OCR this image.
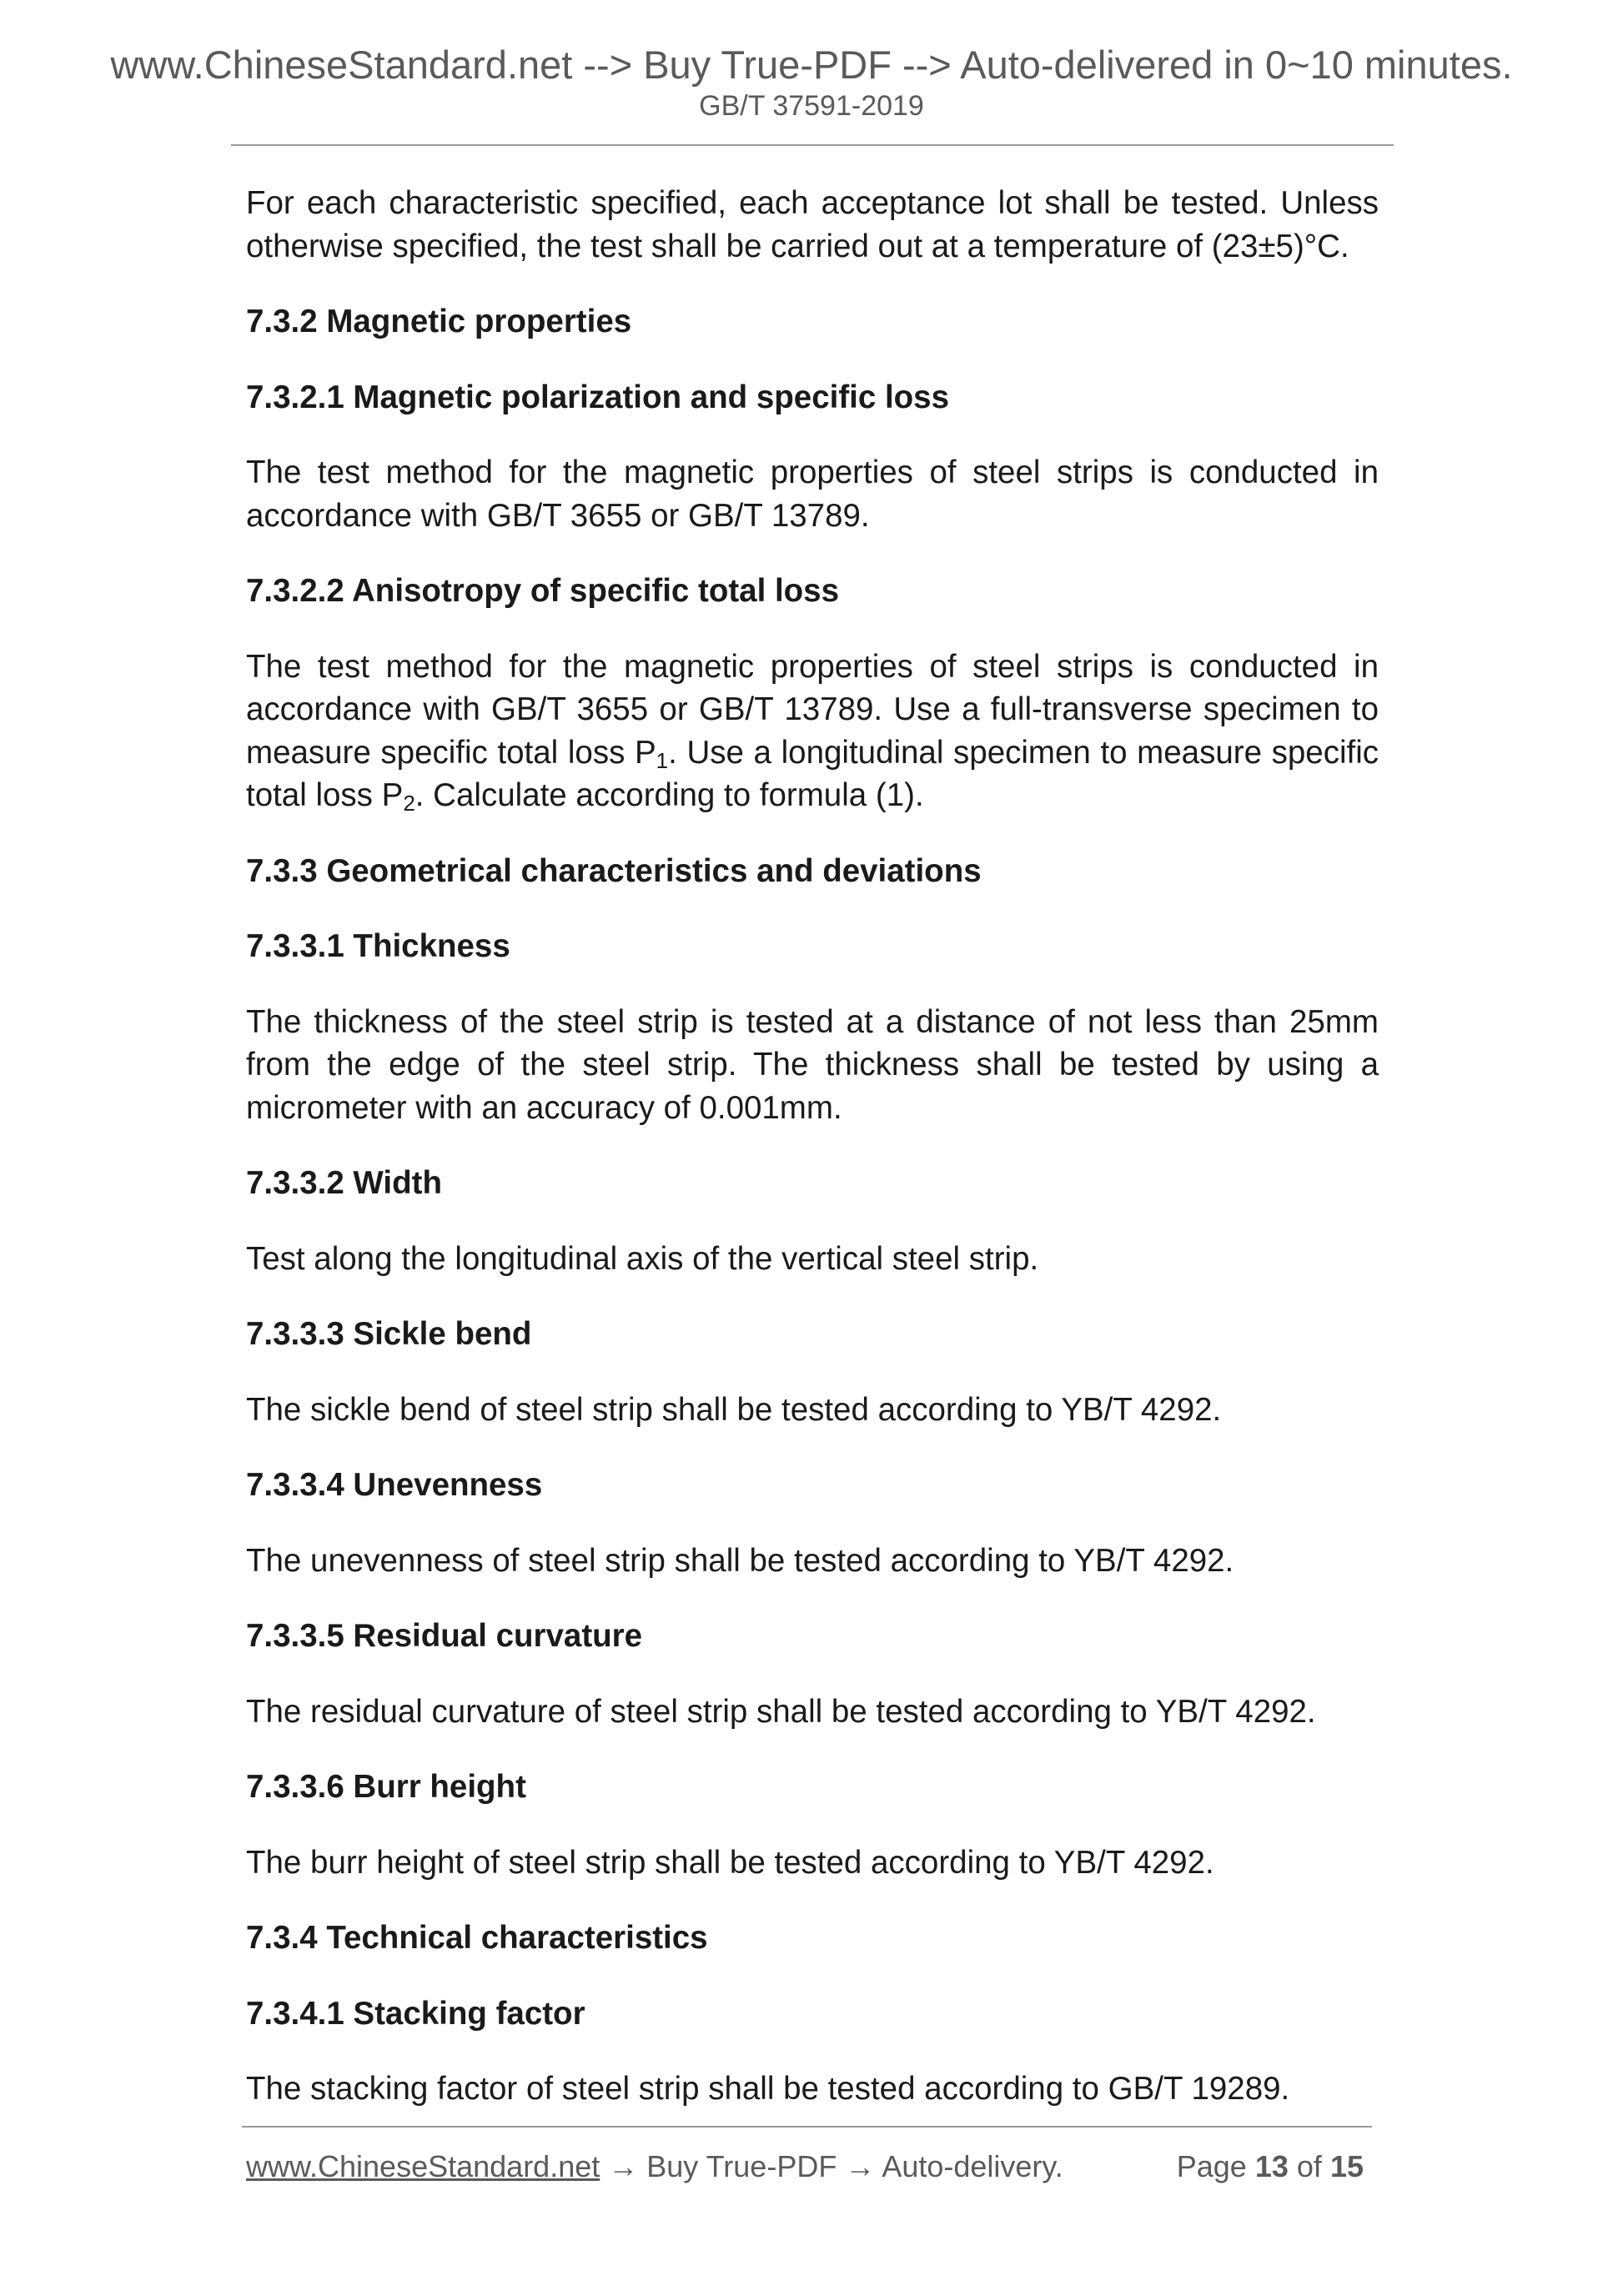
www.ChineseStandard.net --> Buy True-PDF --> Auto-delivered in 0~10 minutes.
GB/T 37591-2019

For each characteristic specified, each acceptance lot shall be tested. Unless otherwise specified, the test shall be carried out at a temperature of (23±5)°C.

7.3.2 Magnetic properties
7.3.2.1 Magnetic polarization and specific loss

The test method for the magnetic properties of steel strips is conducted in accordance with GB/T 3655 or GB/T 13789.

7.3.2.2 Anisotropy of specific total loss

The test method for the magnetic properties of steel strips is conducted in accordance with GB/T 3655 or GB/T 13789. Use a full-transverse specimen to measure specific total loss $P_1$. Use a longitudinal specimen to measure specific total loss $P_2$. Calculate according to formula (1).

7.3.3 Geometrical characteristics and deviations
7.3.3.1 Thickness

The thickness of the steel strip is tested at a distance of not less than 25mm from the edge of the steel strip. The thickness shall be tested by using a micrometer with an accuracy of 0.001mm.

7.3.3.2 Width

Test along the longitudinal axis of the vertical steel strip.

7.3.3.3 Sickle bend

The sickle bend of steel strip shall be tested according to YB/T 4292.

7.3.3.4 Unevenness

The unevenness of steel strip shall be tested according to YB/T 4292.

7.3.3.5 Residual curvature

The residual curvature of steel strip shall be tested according to YB/T 4292.

7.3.3.6 Burr height

The burr height of steel strip shall be tested according to YB/T 4292.

7.3.4 Technical characteristics
7.3.4.1 Stacking factor

The stacking factor of steel strip shall be tested according to GB/T 19289.

www.ChineseStandard.net → Buy True-PDF → Auto-delivery.	Page 13 of 15
